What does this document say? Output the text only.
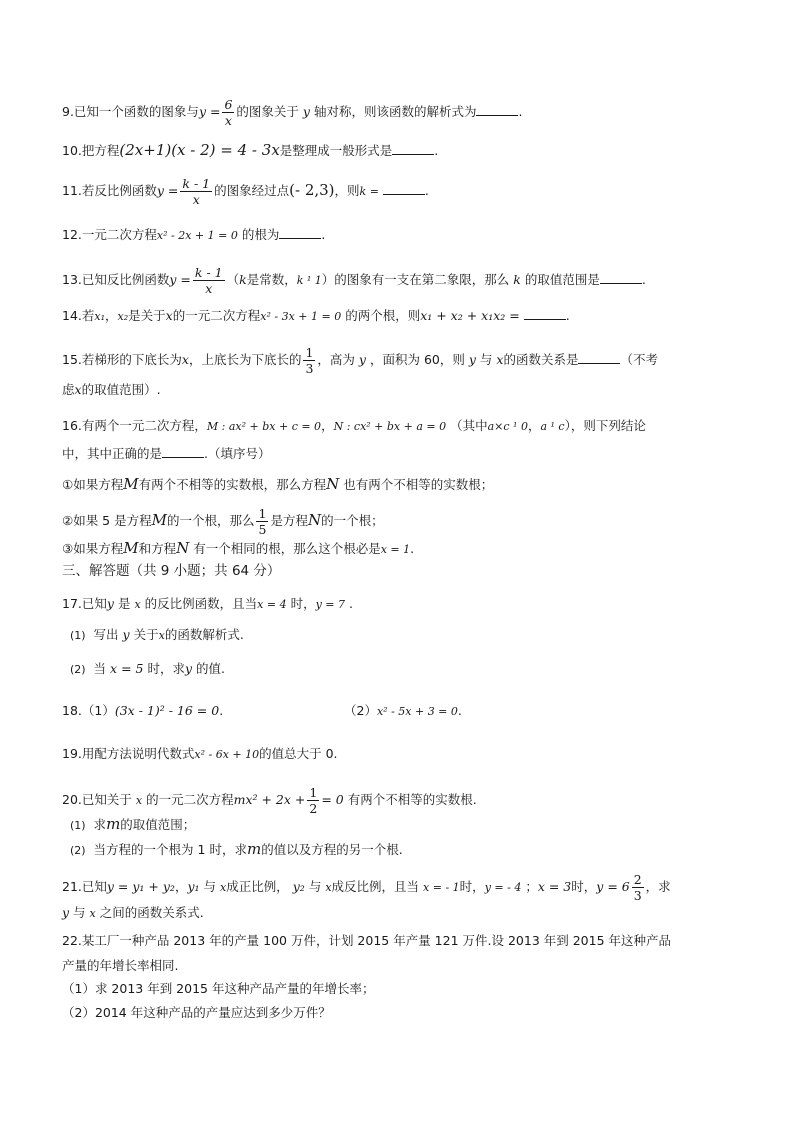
9.已知一个函数的图象与$y = \frac{6}{x}$ 的图象关于 y 轴对称，则该函数的解析式为	.
10.把方程(2x+1)(x - 2) = 4 - 3x是整理成一般形式是	.
11.若反比例函数$y = \frac{k - 1}{x}$ 的图象经过点(- 2,3)，则k =	.
12.一元二次方程x² - 2x + 1 = 0 的根为	.
13.已知反比例函数$y = \frac{k - 1}{x} (k$是常数，k ¹ 1）的图象有一支在第二象限，那么 k 的取值范围是	.
14.若x₁，x₂是关于x的一元二次方程x² - 3x + 1 = 0 的两个根，则x₁ + x₂ + x₁x₂ =	.
15.若梯形的下底长为x，上底长为下底长的 $\frac{1}{3}$ ，高为 y ，面积为 60，则 y 与 x的函数关系是	（不考
虑x的取值范围）.
16.有两个一元二次方程，M : ax² + bx + c = 0，N : cx² + bx + a = 0 （其中a×c ¹ 0，a ¹ c），则下列结论
中，其中正确的是	.（填序号）
①如果方程M有两个不相等的实数根，那么方程N 也有两个不相等的实数根；
②如果 5 是方程M的一个根，那么 $\frac{1}{5}$ 是方程N的一个根；
③如果方程M和方程N 有一个相同的根，那么这个根必是x = 1.
三、解答题（共 9 小题；共 64 分）
17.已知y 是 x 的反比例函数，且当x = 4 时，y = 7 .
(1) 写出 y 关于x的函数解析式.
(2) 当 x = 5 时，求y 的值.
18.（1）(3x - 1)² - 16 = 0.	（2）x² - 5x + 3 = 0.
19.用配方法说明代数式x² - 6x + 10的值总大于 0.
20.已知关于 x 的一元二次方程$mx^2 + 2x + \frac{1}{2} = 0$ 有两个不相等的实数根.
(1) 求m的取值范围；
(2) 当方程的一个根为 1 时，求m的值以及方程的另一个根.
21.已知y = y₁ + y₂，y₁ 与 x成正比例， y₂ 与 x成反比例，且当 x = - 1时，y = - 4 ；x = 3时，$y = 6 \frac{2}{3}$ ，求
y 与 x 之间的函数关系式.
22.某工厂一种产品 2013 年的产量 100 万件，计划 2015 年产量 121 万件.设 2013 年到 2015 年这种产品
产量的年增长率相同.
（1）求 2013 年到 2015 年这种产品产量的年增长率；
（2）2014 年这种产品的产量应达到多少万件？
